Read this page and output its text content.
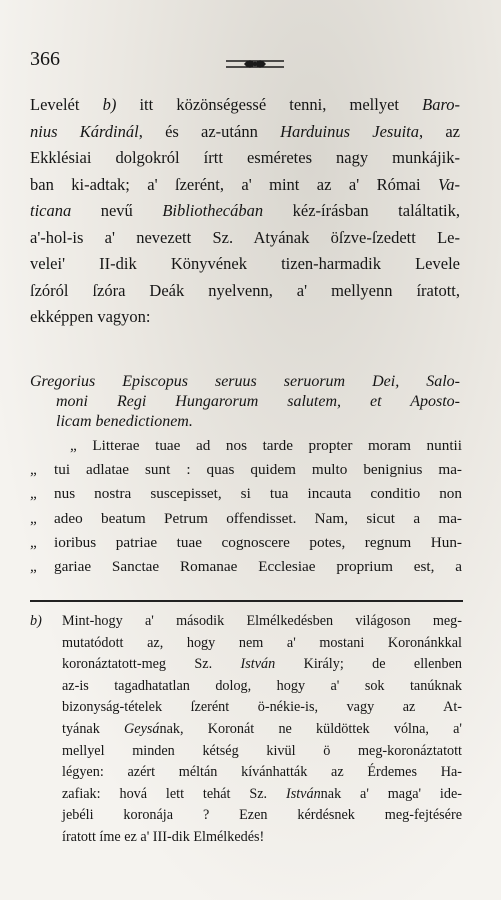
366
Levelét b) itt közönségessé tenni, mellyet Baro-
nius Kárdinál, és az-utánn Harduinus Jesuita, az
Ekklésiai dolgokról írtt esméretes nagy munkájik-
ban ki-adtak; a' ſzerént, a' mint az a' Római Va-
ticana nevű Bibliothecában kéz-írásban találtatik,
a'-hol-is a' nevezett Sz. Atyának öſzve-ſzedett Le-
velei' II-dik Könyvének tizen-harmadik Levele
ſzóról ſzóra Deák nyelvenn, a' mellyenn íratott,
ekképpen vagyon:
Gregorius Episcopus seruus seruorum Dei, Salo-
moni Regi Hungarorum salutem, et Aposto-
licam benedictionem.
„ Litterae tuae ad nos tarde propter moram nuntii
„	tui adlatae sunt : quas quidem multo benignius ma-
„	nus nostra suscepisset, si tua incauta conditio non
„	adeo beatum Petrum offendisset. Nam, sicut a ma-
„	ioribus patriae tuae cognoscere potes, regnum Hun-
„	gariae Sanctae Romanae Ecclesiae proprium est, a
b)	Mint-hogy a' második Elmélkedésben világoson meg-
mutatódott az, hogy nem a' mostani Koronánkkal
koronáztatott-meg Sz. István Király; de ellenben
az-is tagadhatatlan dolog, hogy a' sok tanúknak
bizonyság-tételek ſzerént ö-nékie-is, vagy az At-
tyának Geysának, Koronát ne küldöttek vólna, a'
mellyel minden kétség kivül ö meg-koronáztatott
légyen: azért méltán kívánhatták az Érdemes Ha-
zafiak: hová lett tehát Sz. Istvánnak a' maga' ide-
jebéli koronája ? Ezen kérdésnek meg-fejtésére
íratott íme ez a' III-dik Elmélkedés!
